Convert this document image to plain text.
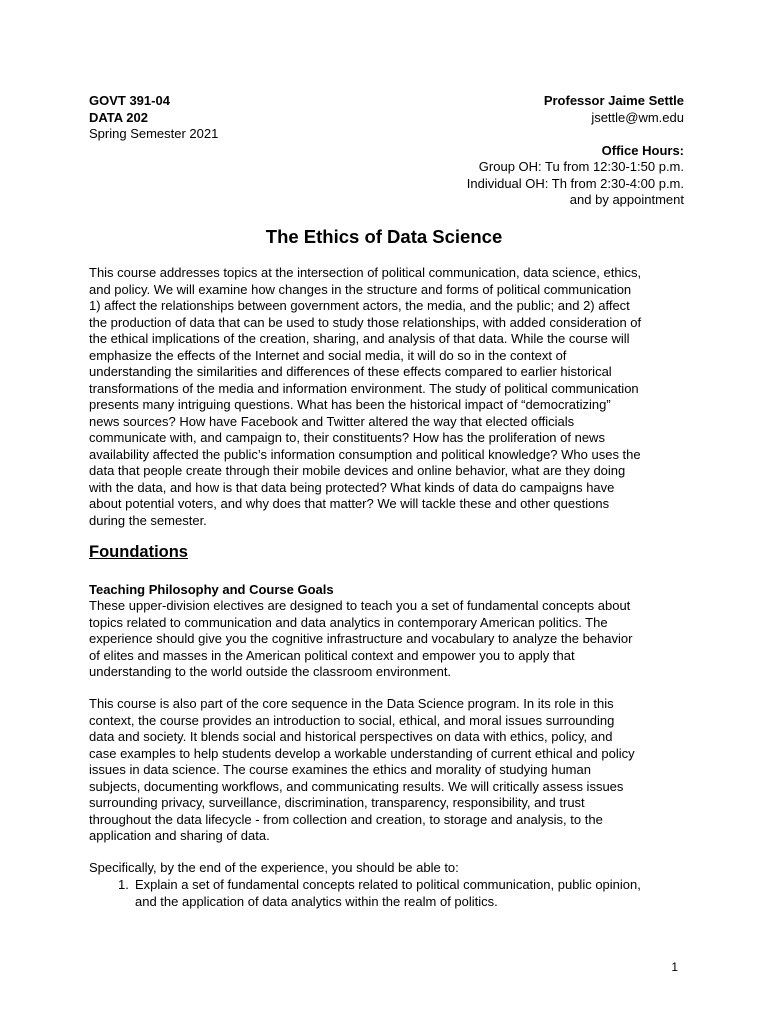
GOVT 391-04
DATA 202
Spring Semester 2021
Professor Jaime Settle
jsettle@wm.edu
Office Hours:
Group OH: Tu from 12:30-1:50 p.m.
Individual OH: Th from 2:30-4:00 p.m.
and by appointment
The Ethics of Data Science
This course addresses topics at the intersection of political communication, data science, ethics,
and policy. We will examine how changes in the structure and forms of political communication
1) affect the relationships between government actors, the media, and the public; and 2) affect
the production of data that can be used to study those relationships, with added consideration of
the ethical implications of the creation, sharing, and analysis of that data. While the course will
emphasize the effects of the Internet and social media, it will do so in the context of
understanding the similarities and differences of these effects compared to earlier historical
transformations of the media and information environment. The study of political communication
presents many intriguing questions. What has been the historical impact of “democratizing”
news sources? How have Facebook and Twitter altered the way that elected officials
communicate with, and campaign to, their constituents? How has the proliferation of news
availability affected the public’s information consumption and political knowledge? Who uses the
data that people create through their mobile devices and online behavior, what are they doing
with the data, and how is that data being protected? What kinds of data do campaigns have
about potential voters, and why does that matter? We will tackle these and other questions
during the semester.
Foundations
Teaching Philosophy and Course Goals
These upper-division electives are designed to teach you a set of fundamental concepts about
topics related to communication and data analytics in contemporary American politics. The
experience should give you the cognitive infrastructure and vocabulary to analyze the behavior
of elites and masses in the American political context and empower you to apply that
understanding to the world outside the classroom environment.
This course is also part of the core sequence in the Data Science program. In its role in this
context, the course provides an introduction to social, ethical, and moral issues surrounding
data and society. It blends social and historical perspectives on data with ethics, policy, and
case examples to help students develop a workable understanding of current ethical and policy
issues in data science. The course examines the ethics and morality of studying human
subjects, documenting workflows, and communicating results. We will critically assess issues
surrounding privacy, surveillance, discrimination, transparency, responsibility, and trust
throughout the data lifecycle - from collection and creation, to storage and analysis, to the
application and sharing of data.
Specifically, by the end of the experience, you should be able to:
1. Explain a set of fundamental concepts related to political communication, public opinion,
and the application of data analytics within the realm of politics.
1
